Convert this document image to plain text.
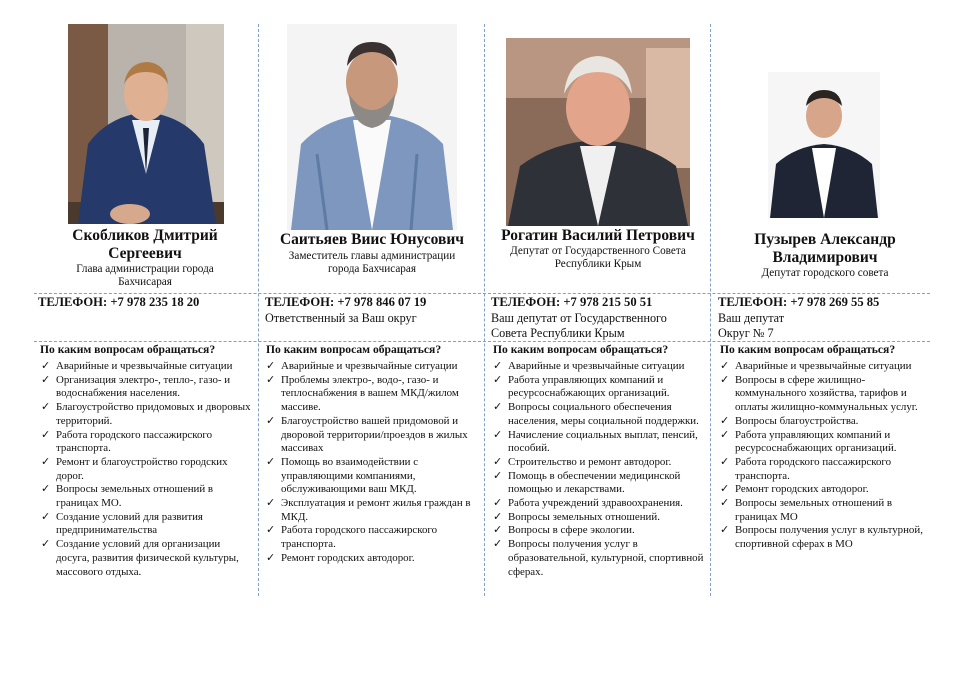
Скобликов Дмитрий
Сергеевич
Глава администрации города
Бахчисарая
ТЕЛЕФОН: +7 978 235 18 20
По каким вопросам обращаться?
✓ Аварийные и чрезвычайные ситуации
✓ Организация электро-, тепло-, газо- и водоснабжения населения.
✓ Благоустройство придомовых и дворовых территорий.
✓ Работа городского пассажирского транспорта.
✓ Ремонт и благоустройство городских дорог.
✓ Вопросы земельных отношений в границах МО.
✓ Создание условий для развития предпринимательства
✓ Создание условий для организации досуга, развития физической культуры, массового отдыха.
Саитьяев Виис Юнусович
Заместитель главы администрации
города Бахчисарая
ТЕЛЕФОН: +7 978 846 07 19
Ответственный за Ваш округ
По каким вопросам обращаться?
✓ Аварийные и чрезвычайные ситуации
✓ Проблемы электро-, водо-, газо- и теплоснабжения в вашем МКД/жилом массиве.
✓ Благоустройство вашей придомовой и дворовой территории/проездов в жилых массивах
✓ Помощь во взаимодействии с управляющими компаниями, обслуживающими ваш МКД.
✓ Эксплуатация и ремонт жилья граждан в МКД.
✓ Работа городского пассажирского транспорта.
✓ Ремонт городских автодорог.
Рогатин Василий Петрович
Депутат от Государственного Совета
Республики Крым
ТЕЛЕФОН: +7 978 215 50 51
Ваш депутат от Государственного
Совета Республики Крым
По каким вопросам обращаться?
✓ Аварийные и чрезвычайные ситуации
✓ Работа управляющих компаний и ресурсоснабжающих организаций.
✓ Вопросы социального обеспечения населения, меры социальной поддержки.
✓ Начисление социальных выплат, пенсий, пособий.
✓ Строительство и ремонт автодорог.
✓ Помощь в обеспечении медицинской помощью и лекарствами.
✓ Работа учреждений здравоохранения.
✓ Вопросы земельных отношений.
✓ Вопросы в сфере экологии.
✓ Вопросы получения услуг в образовательной, культурной, спортивной сферах.
Пузырев Александр
Владимирович
Депутат городского совета
ТЕЛЕФОН: +7 978 269 55 85
Ваш депутат
Округ № 7
По каким вопросам обращаться?
✓ Аварийные и чрезвычайные ситуации
✓ Вопросы в сфере жилищно-коммунального хозяйства, тарифов и оплаты жилищно-коммунальных услуг.
✓ Вопросы благоустройства.
✓ Работа управляющих компаний и ресурсоснабжающих организаций.
✓ Работа городского пассажирского транспорта.
✓ Ремонт городских автодорог.
✓ Вопросы земельных отношений в границах МО
✓ Вопросы получения услуг в культурной, спортивной сферах в МО
